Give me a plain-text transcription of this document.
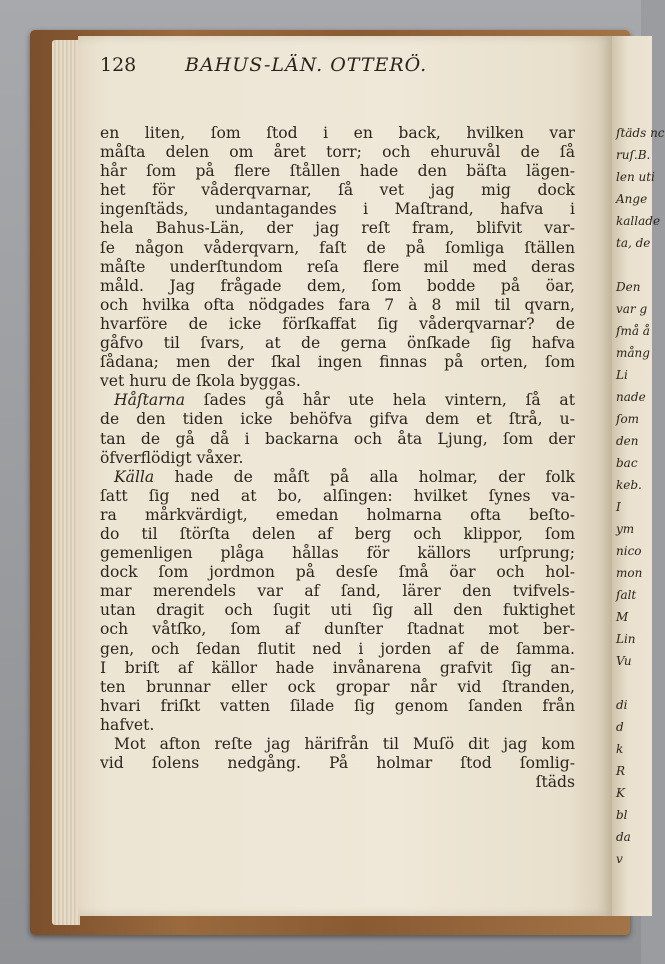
ſtäds nc
ruſ.B.
len uti
Ange
kallade
ta, de
Den
var g
ſmå å
mång
Li
nade
ſom
den
bac
keb.
I
ym
nico
mon
ſalt
M
Lin
Vu
di
d
k
R
K
bl
da
v
128	BAHUS-LÄN. OTTERÖ.
en liten, ſom ſtod i en back, hvilken var
måſta delen om året torr; och ehuruvål de ſå
hår ſom på flere ſtållen hade den bäſta lägen-
het för våderqvarnar, ſå vet jag mig dock
ingenſtäds, undantagandes i Maſtrand, hafva i
hela Bahus-Län, der jag reſt fram, blifvit var-
ſe någon våderqvarn, faſt de på ſomliga ſtällen
måſte underſtundom reſa flere mil med deras
måld. Jag frågade dem, ſom bodde på öar,
och hvilka ofta nödgades fara 7 à 8 mil til qvarn,
hvarföre de icke förſkaffat ſig våderqvarnar? de
gåfvo til ſvars, at de gerna önſkade ſig hafva
ſådana; men der ſkal ingen finnas på orten, ſom
vet huru de ſkola byggas.
Håſtarna ſades gå hår ute hela vintern, ſå at
de den tiden icke behöfva gifva dem et ſtrå, u-
tan de gå då i backarna och åta Ljung, ſom der
öfverflödigt våxer.
Källa hade de måſt på alla holmar, der folk
ſatt ſig ned at bo, alſingen: hvilket ſynes va-
ra mårkvärdigt, emedan holmarna ofta beſto-
do til ſtörſta delen af berg och klippor, ſom
gemenligen plåga hållas för källors urſprung;
dock ſom jordmon på desſe ſmå öar och hol-
mar merendels var af ſand, lärer den tvifvels-
utan dragit och ſugit uti ſig all den fuktighet
och våtſko, ſom af dunſter ſtadnat mot ber-
gen, och ſedan flutit ned i jorden af de ſamma.
I briſt af källor hade invånarena grafvit ſig an-
ten brunnar eller ock gropar når vid ſtranden,
hvari friſkt vatten ſilade ſig genom ſanden från
hafvet.
Mot afton reſte jag härifrån til Muſö dit jag kom
vid ſolens nedgång. På holmar ſtod ſomlig-
ſtäds
